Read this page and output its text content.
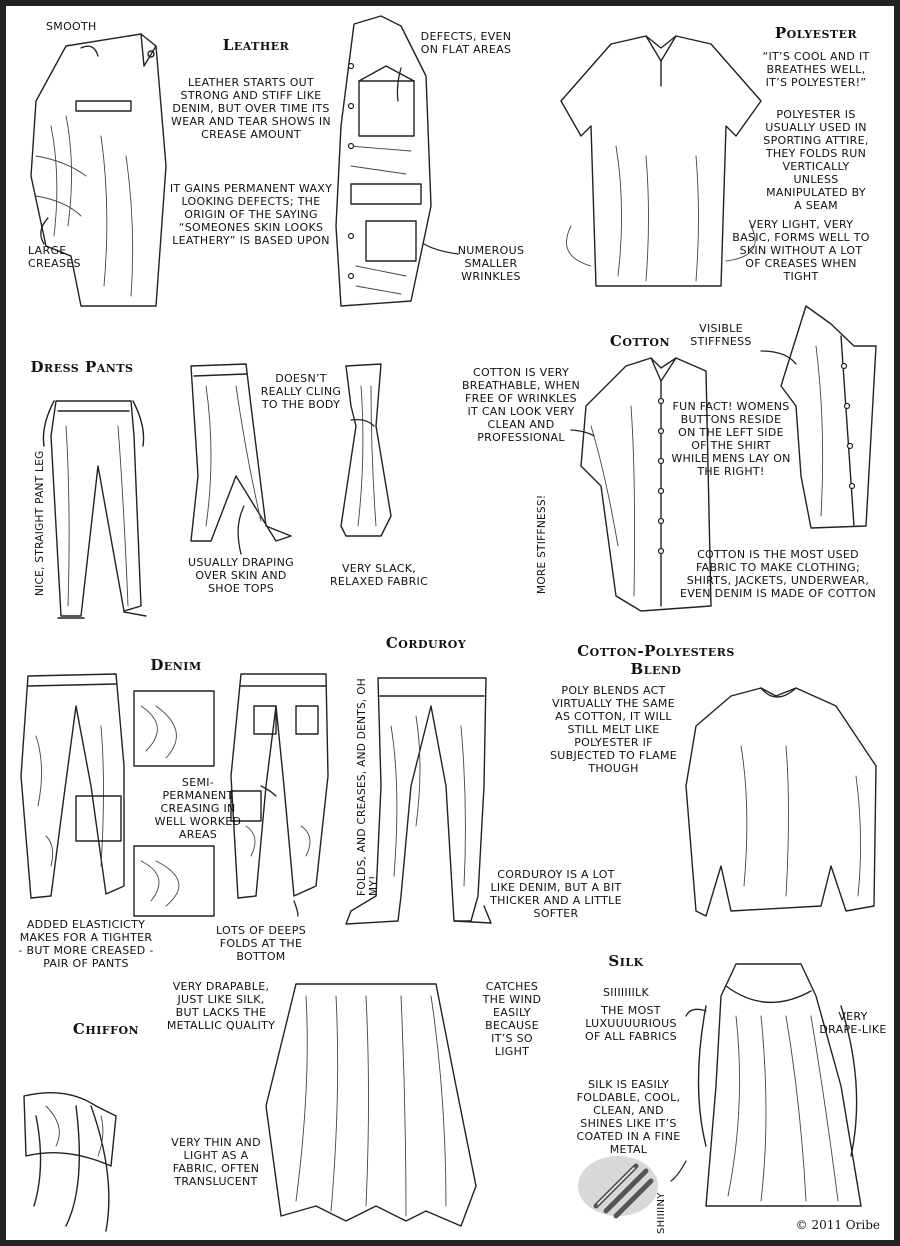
Leather
SMOOTH
LEATHER STARTS OUT STRONG AND STIFF LIKE DENIM, BUT OVER TIME ITS WEAR AND TEAR SHOWS IN CREASE AMOUNT
IT GAINS PERMANENT WAXY LOOKING DEFECTS; THE ORIGIN OF THE SAYING “SOMEONES SKIN LOOKS LEATHERY” IS BASED UPON
LARGE CREASES
DEFECTS, EVEN ON FLAT AREAS
NUMEROUS SMALLER WRINKLES
Polyester
“IT’S COOL AND IT BREATHES WELL, IT’S POLYESTER!”
POLYESTER IS USUALLY USED IN SPORTING ATTIRE, THEY FOLDS RUN VERTICALLY UNLESS MANIPULATED BY A SEAM
VERY LIGHT, VERY BASIC, FORMS WELL TO SKIN WITHOUT A LOT OF CREASES WHEN TIGHT
Dress Pants
NICE, STRAIGHT PANT LEG	USUALLY DRAPING OVER SKIN AND SHOE TOPS
DOESN’T REALLY CLING TO THE BODY
VERY SLACK, RELAXED FABRIC
Cotton
COTTON IS VERY BREATHABLE, WHEN FREE OF WRINKLES IT CAN LOOK VERY CLEAN AND PROFESSIONAL
MORE STIFFNESS!
VISIBLE STIFFNESS
FUN FACT! WOMENS BUTTONS RESIDE ON THE LEFT SIDE OF THE SHIRT WHILE MENS LAY ON THE RIGHT!
COTTON IS THE MOST USED FABRIC TO MAKE CLOTHING; SHIRTS, JACKETS, UNDERWEAR, EVEN DENIM IS MADE OF COTTON
Denim
SEMI-PERMANENT CREASING IN WELL WORKED AREAS
ADDED ELASTICICTY MAKES FOR A TIGHTER - BUT MORE CREASED - PAIR OF PANTS
LOTS OF DEEPS FOLDS AT THE BOTTOM
Corduroy
FOLDS, AND CREASES, AND DENTS, OH MY!
CORDUROY IS A LOT LIKE DENIM, BUT A BIT THICKER AND A LITTLE SOFTER
Cotton-Polyesters Blend
POLY BLENDS ACT VIRTUALLY THE SAME AS COTTON, IT WILL STILL MELT LIKE POLYESTER IF SUBJECTED TO FLAME THOUGH
Chiffon
VERY DRAPABLE, JUST LIKE SILK, BUT LACKS THE METALLIC QUALITY
CATCHES THE WIND EASILY BECAUSE IT’S SO LIGHT
VERY THIN AND LIGHT AS A FABRIC, OFTEN TRANSLUCENT
Silk
SIIIIIIILK
THE MOST LUXUUUURIOUS OF ALL FABRICS
VERY DRAPE-LIKE
SILK IS EASILY FOLDABLE, COOL, CLEAN, AND SHINES LIKE IT’S COATED IN A FINE METAL
SHIIIINY	© 2011 Oribe
